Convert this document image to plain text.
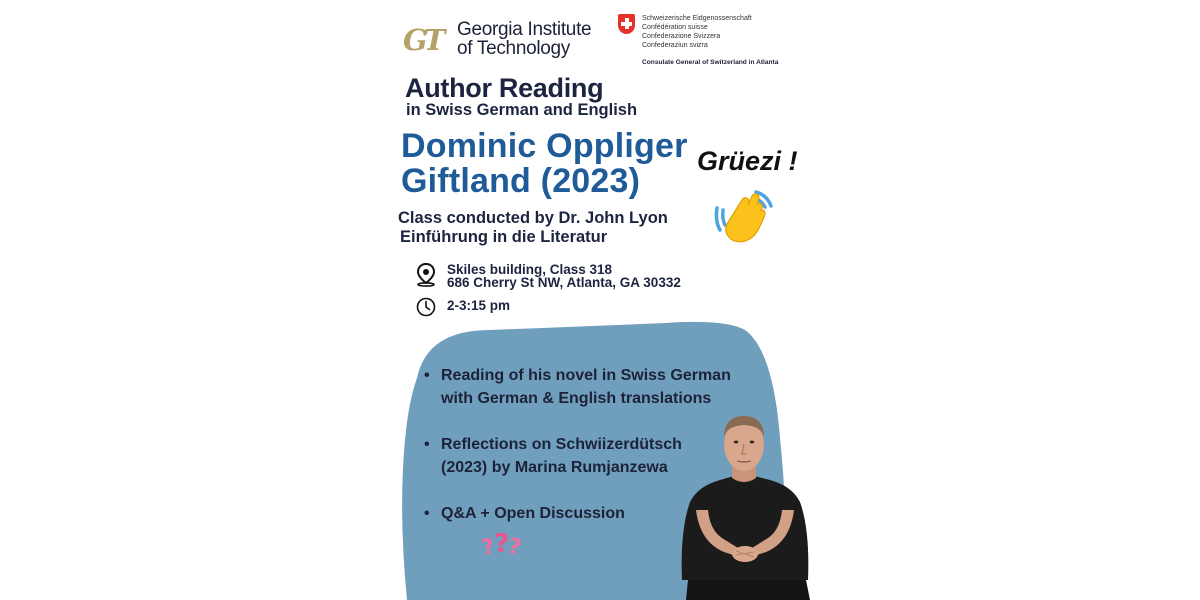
GT Georgia Institute
of Technology
Schweizerische Eidgenossenschaft
Confédération suisse
Confederazione Svizzera
Confederaziun svizra
Consulate General of Switzerland in Atlanta
Author Reading
in Swiss German and English
Dominic Oppliger
Giftland (2023)
Grüezi !
Class conducted by Dr. John Lyon
Einführung in die Literatur
Skiles building, Class 318
686 Cherry St NW, Atlanta, GA 30332
2-3:15 pm
• Reading of his novel in Swiss German with German & English translations
• Reflections on Schwiizerdütsch (2023) by Marina Rumjanzewa
• Q&A + Open Discussion
?
?
?
